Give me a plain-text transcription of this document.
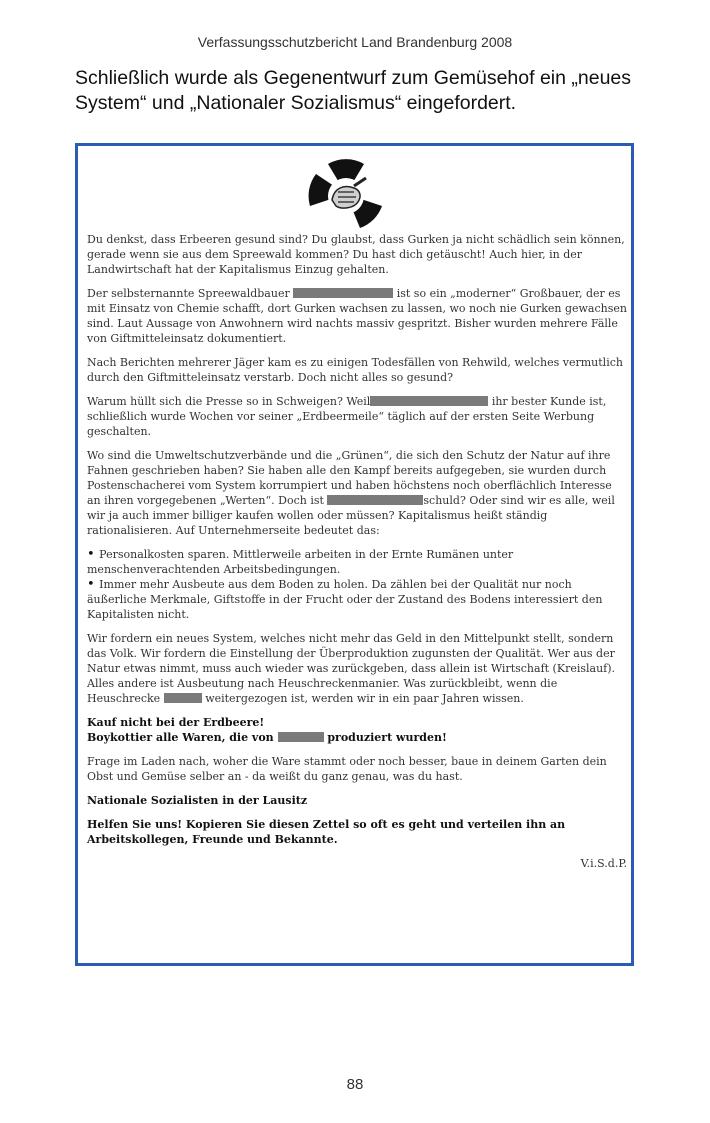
Verfassungsschutzbericht Land Brandenburg 2008
Schließlich wurde als Gegenentwurf zum Gemüsehof ein „neues System“ und „Nationaler Sozialismus“ eingefordert.

Du denkst, dass Erbeeren gesund sind? Du glaubst, dass Gurken ja nicht schädlich sein können, gerade wenn sie aus dem Spreewald kommen? Du hast dich getäuscht! Auch hier, in der Landwirtschaft hat der Kapitalismus Einzug gehalten.

Der selbsternannte Spreewaldbauer	ist so ein „moderner“ Großbauer, der es mit Einsatz von Chemie schafft, dort Gurken wachsen zu lassen, wo noch nie Gurken gewachsen sind. Laut Aussage von Anwohnern wird nachts massiv gespritzt. Bisher wurden mehrere Fälle von Giftmitteleinsatz dokumentiert.

Nach Berichten mehrerer Jäger kam es zu einigen Todesfällen von Rehwild, welches vermutlich durch den Giftmitteleinsatz verstarb. Doch nicht alles so gesund?

Warum hüllt sich die Presse so in Schweigen? Weil	ihr bester Kunde ist, schließlich wurde Wochen vor seiner „Erdbeermeile“ täglich auf der ersten Seite Werbung geschalten.

Wo sind die Umweltschutzverbände und die „Grünen“, die sich den Schutz der Natur auf ihre Fahnen geschrieben haben? Sie haben alle den Kampf bereits aufgegeben, sie wurden durch Postenschacherei vom System korrumpiert und haben höchstens noch oberflächlich Interesse an ihren vorgegebenen „Werten“. Doch ist	schuld? Oder sind wir es alle, weil wir ja auch immer billiger kaufen wollen oder müssen? Kapitalismus heißt ständig rationalisieren. Auf Unternehmerseite bedeutet das:

• Personalkosten sparen. Mittlerweile arbeiten in der Ernte Rumänen unter menschenverachtenden Arbeitsbedingungen.
• Immer mehr Ausbeute aus dem Boden zu holen. Da zählen bei der Qualität nur noch äußerliche Merkmale, Giftstoffe in der Frucht oder der Zustand des Bodens interessiert den Kapitalisten nicht.

Wir fordern ein neues System, welches nicht mehr das Geld in den Mittelpunkt stellt, sondern das Volk. Wir fordern die Einstellung der Überproduktion zugunsten der Qualität. Wer aus der Natur etwas nimmt, muss auch wieder was zurückgeben, dass allein ist Wirtschaft (Kreislauf). Alles andere ist Ausbeutung nach Heuschreckenmanier. Was zurückbleibt, wenn die Heuschrecke	weitergezogen ist, werden wir in ein paar Jahren wissen.

Kauf nicht bei der Erdbeere!
Boykottier alle Waren, die von	produziert wurden!

Frage im Laden nach, woher die Ware stammt oder noch besser, baue in deinem Garten dein Obst und Gemüse selber an - da weißt du ganz genau, was du hast.

Nationale Sozialisten in der Lausitz

Helfen Sie uns! Kopieren Sie diesen Zettel so oft es geht und verteilen ihn an Arbeitskollegen, Freunde und Bekannte.

V.i.S.d.P.
88
